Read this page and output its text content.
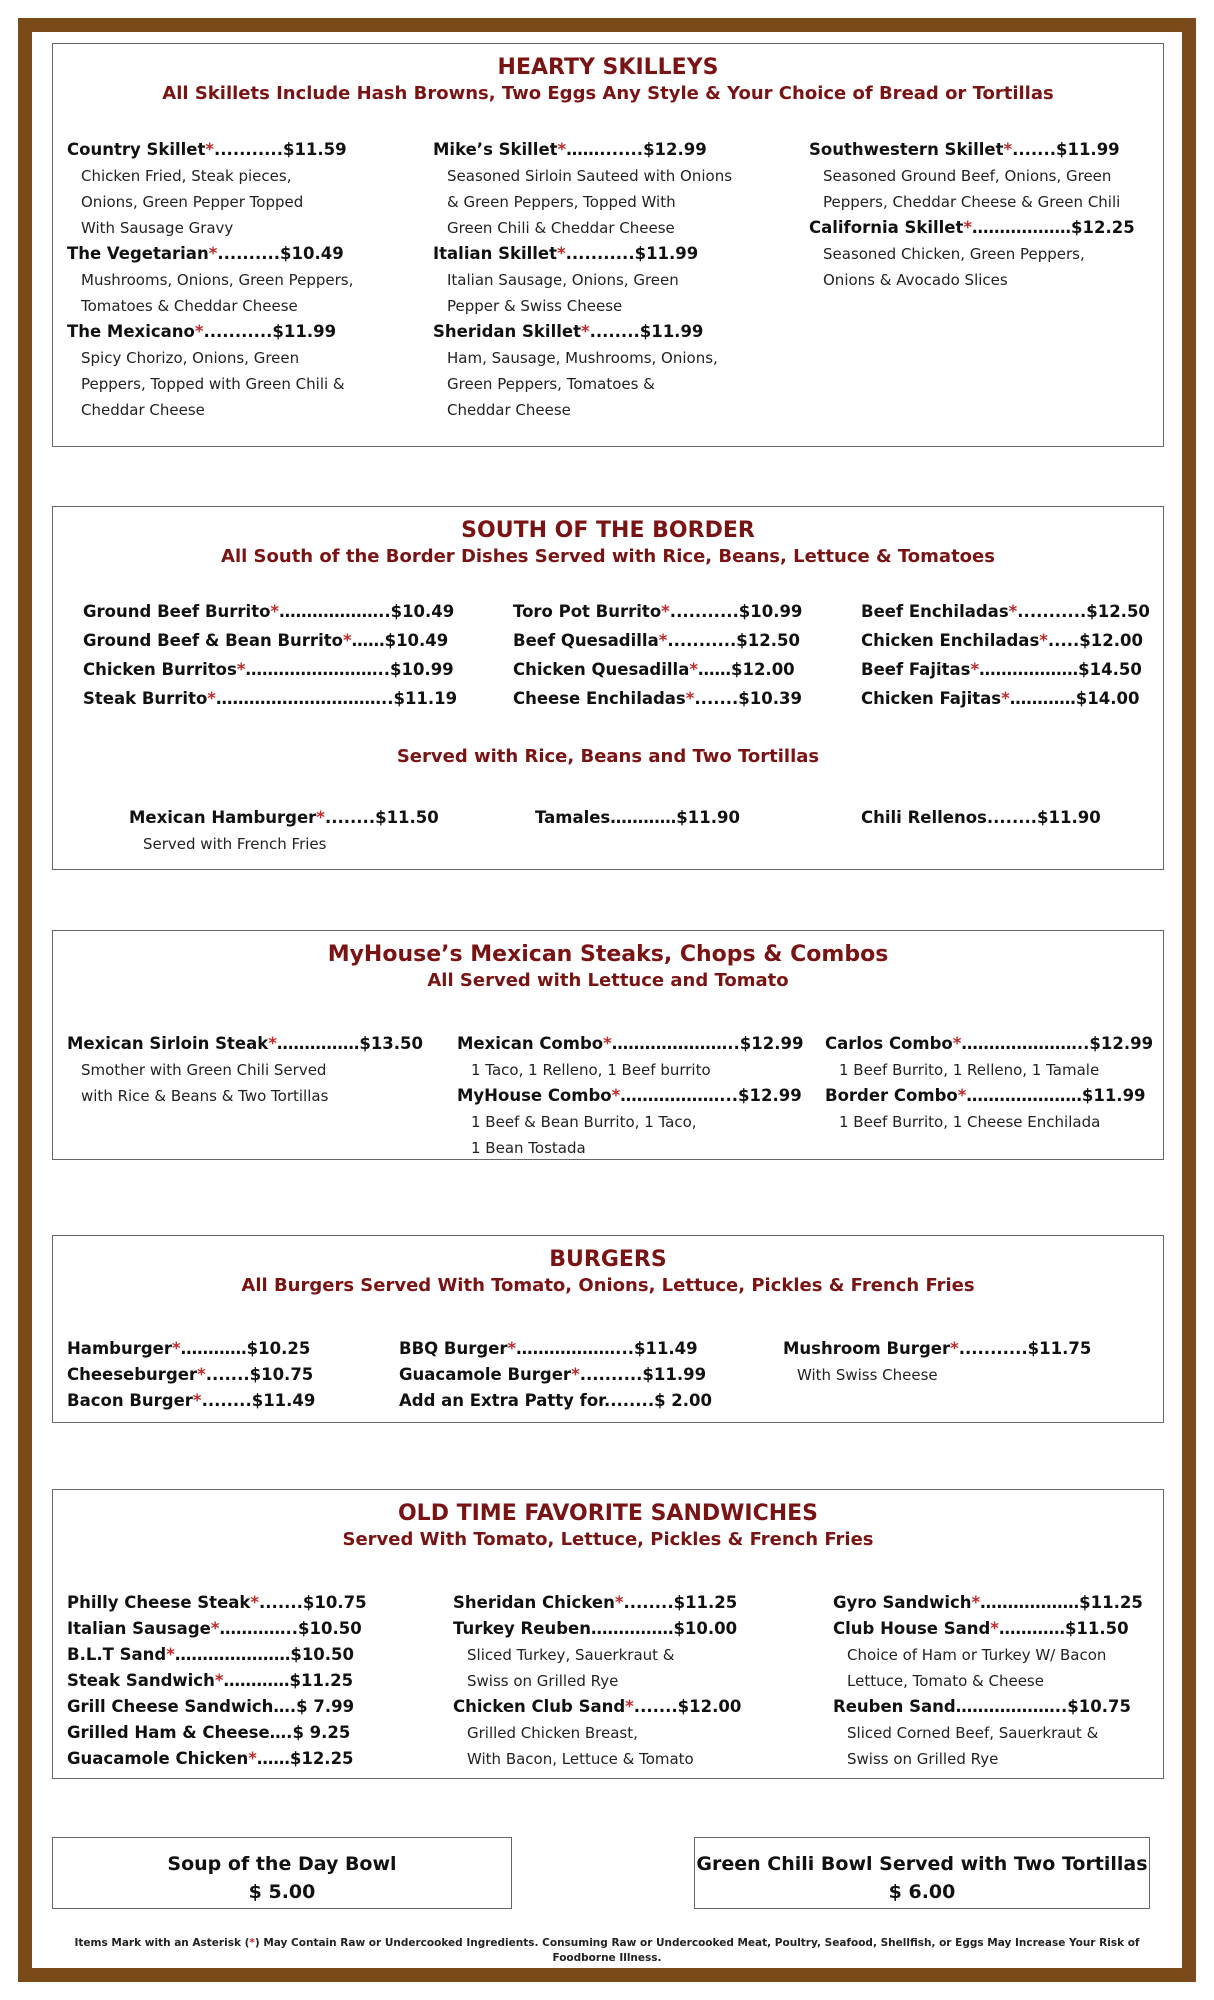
HEARTY SKILLEYS
All Skillets Include Hash Browns, Two Eggs Any Style & Your Choice of Bread or Tortillas
Country Skillet*...........$11.59
Chicken Fried, Steak pieces,
Onions, Green Pepper Topped
With Sausage Gravy
The Vegetarian*..........$10.49
Mushrooms, Onions, Green Peppers,
Tomatoes & Cheddar Cheese
The Mexicano*...........$11.99
Spicy Chorizo, Onions, Green
Peppers, Topped with Green Chili &
Cheddar Cheese
Mike’s Skillet*…….......$12.99
Seasoned Sirloin Sauteed with Onions
& Green Peppers, Topped With
Green Chili & Cheddar Cheese
Italian Skillet*...........$11.99
Italian Sausage, Onions, Green
Pepper & Swiss Cheese
Sheridan Skillet*........$11.99
Ham, Sausage, Mushrooms, Onions,
Green Peppers, Tomatoes &
Cheddar Cheese
Southwestern Skillet*.......$11.99
Seasoned Ground Beef, Onions, Green
Peppers, Cheddar Cheese & Green Chili
California Skillet*………………$12.25
Seasoned Chicken, Green Peppers,
Onions & Avocado Slices
SOUTH OF THE BORDER
All South of the Border Dishes Served with Rice, Beans, Lettuce & Tomatoes
Ground Beef Burrito*………………..$10.49
Ground Beef & Bean Burrito*……$10.49
Chicken Burritos*……………………..$10.99
Steak Burrito*…………………………..$11.19
Toro Pot Burrito*...........$10.99
Beef Quesadilla*...........$12.50
Chicken Quesadilla*……$12.00
Cheese Enchiladas*.......$10.39
Beef Enchiladas*...........$12.50
Chicken Enchiladas*.....$12.00
Beef Fajitas*………………$14.50
Chicken Fajitas*…………$14.00
Served with Rice, Beans and Two Tortillas
Mexican Hamburger*........$11.50
Served with French Fries
Tamales…………$11.90	Chili Rellenos........$11.90
MyHouse’s Mexican Steaks, Chops & Combos
All Served with Lettuce and Tomato
Mexican Sirloin Steak*……………$13.50
Smother with Green Chili Served
with Rice & Beans & Two Tortillas
Mexican Combo*…………………..$12.99
1 Taco, 1 Relleno, 1 Beef burrito
MyHouse Combo*………………...$12.99
1 Beef & Bean Burrito, 1 Taco,
1 Bean Tostada
Carlos Combo*…………………..$12.99
1 Beef Burrito, 1 Relleno, 1 Tamale
Border Combo*…………………$11.99
1 Beef Burrito, 1 Cheese Enchilada
BURGERS
All Burgers Served With Tomato, Onions, Lettuce, Pickles & French Fries
Hamburger*…………$10.25
Cheeseburger*.......$10.75
Bacon Burger*........$11.49
BBQ Burger*………………...$11.49
Guacamole Burger*..........$11.99
Add an Extra Patty for........$ 2.00
Mushroom Burger*...........$11.75
With Swiss Cheese
OLD TIME FAVORITE SANDWICHES
Served With Tomato, Lettuce, Pickles & French Fries
Philly Cheese Steak*.......$10.75
Italian Sausage*…………..$10.50
B.L.T Sand*…………………$10.50
Steak Sandwich*…………$11.25
Grill Cheese Sandwich….$ 7.99
Grilled Ham & Cheese….$ 9.25
Guacamole Chicken*……$12.25
Sheridan Chicken*........$11.25
Turkey Reuben……………$10.00
Sliced Turkey, Sauerkraut &
Swiss on Grilled Rye
Chicken Club Sand*.......$12.00
Grilled Chicken Breast,
With Bacon, Lettuce & Tomato
Gyro Sandwich*………………$11.25
Club House Sand*…………$11.50
Choice of Ham or Turkey W/ Bacon
Lettuce, Tomato & Cheese
Reuben Sand………………..$10.75
Sliced Corned Beef, Sauerkraut &
Swiss on Grilled Rye
Soup of the Day Bowl
$ 5.00
Green Chili Bowl Served with Two Tortillas
$ 6.00
Items Mark with an Asterisk (*) May Contain Raw or Undercooked Ingredients. Consuming Raw or Undercooked Meat, Poultry, Seafood, Shellfish, or Eggs May Increase Your Risk of Foodborne Illness.
